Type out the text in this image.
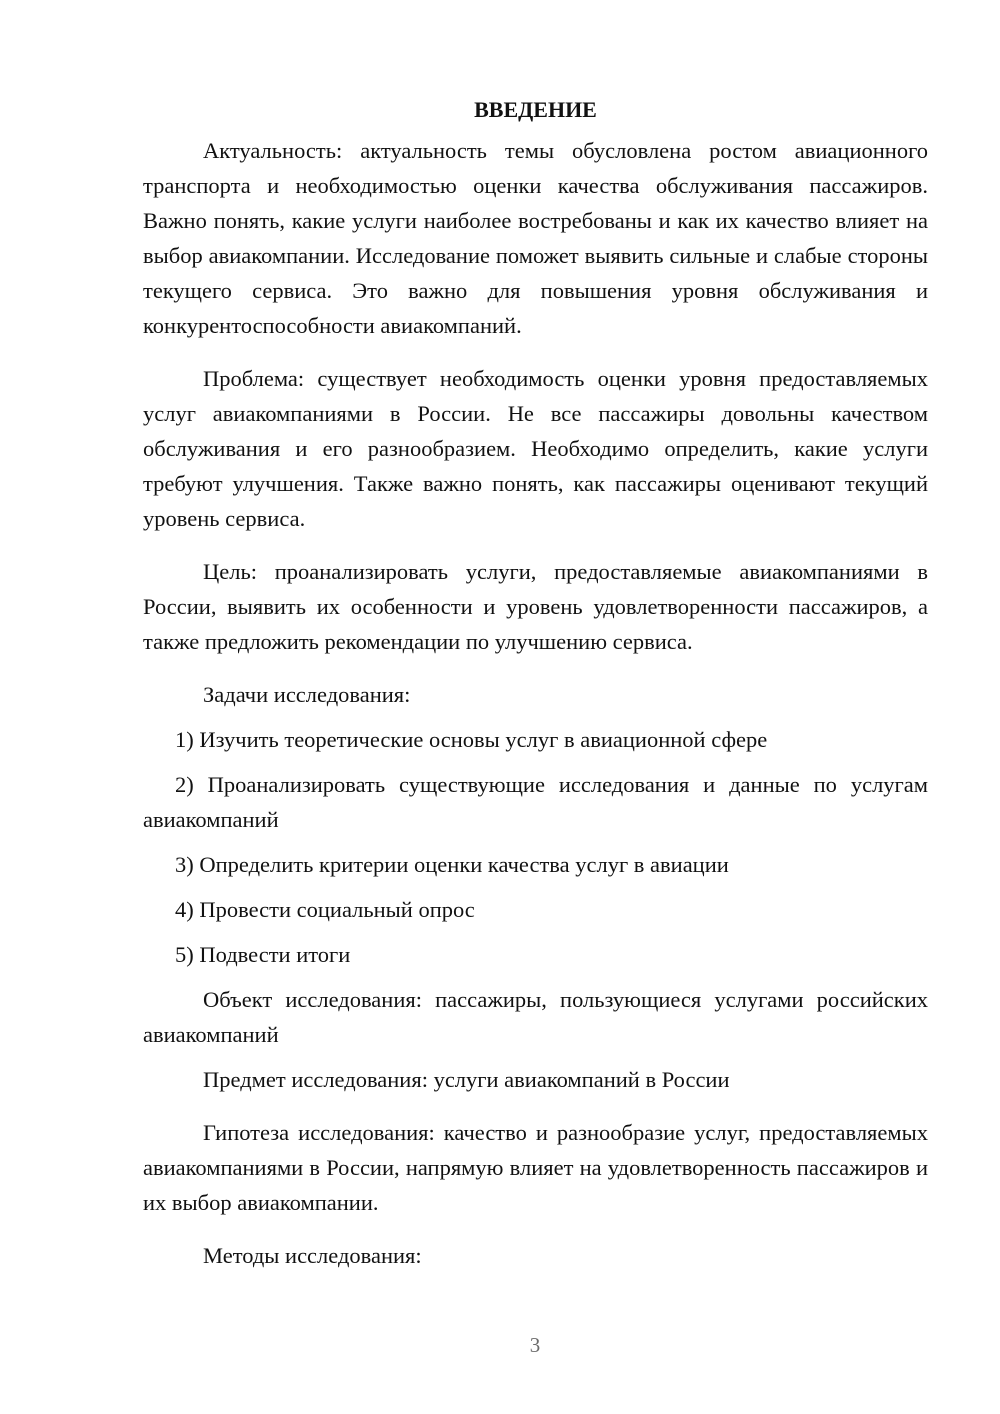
ВВЕДЕНИЕ

Актуальность: актуальность темы обусловлена ростом авиационного транспорта и необходимостью оценки качества обслуживания пассажиров. Важно понять, какие услуги наиболее востребованы и как их качество влияет на выбор авиакомпании. Исследование поможет выявить сильные и слабые стороны текущего сервиса. Это важно для повышения уровня обслуживания и конкурентоспособности авиакомпаний.

Проблема: существует необходимость оценки уровня предоставляемых услуг авиакомпаниями в России. Не все пассажиры довольны качеством обслуживания и его разнообразием. Необходимо определить, какие услуги требуют улучшения. Также важно понять, как пассажиры оценивают текущий уровень сервиса.

Цель: проанализировать услуги, предоставляемые авиакомпаниями в России, выявить их особенности и уровень удовлетворенности пассажиров, а также предложить рекомендации по улучшению сервиса.

Задачи исследования:

1) Изучить теоретические основы услуг в авиационной сфере

2) Проанализировать существующие исследования и данные по услугам авиакомпаний

3) Определить критерии оценки качества услуг в авиации

4) Провести социальный опрос

5) Подвести итоги

Объект исследования: пассажиры, пользующиеся услугами российских авиакомпаний

Предмет исследования: услуги авиакомпаний в России

Гипотеза исследования: качество и разнообразие услуг, предоставляемых авиакомпаниями в России, напрямую влияет на удовлетворенность пассажиров и их выбор авиакомпании.

Методы исследования:

3
